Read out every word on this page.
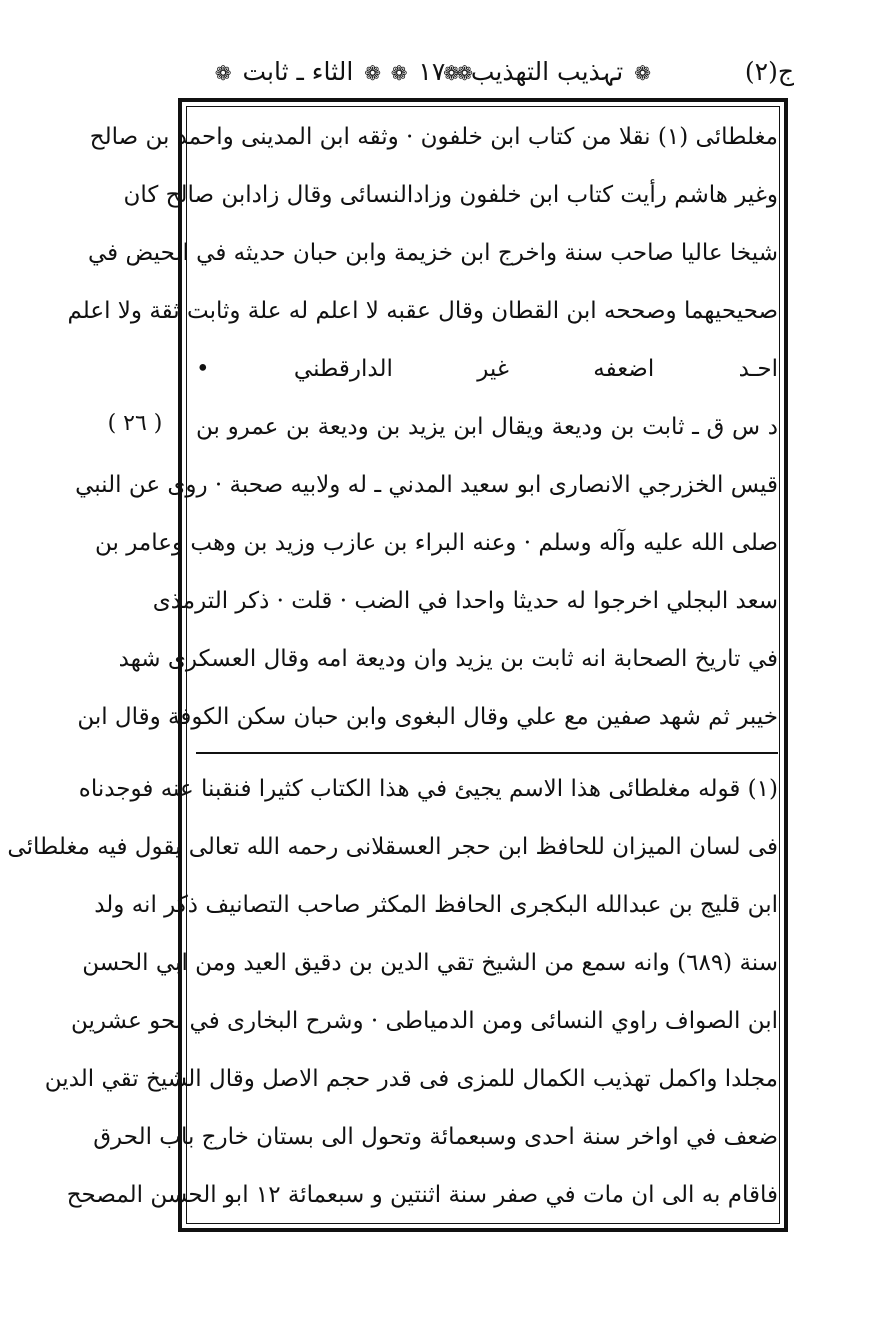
ج(٢)
❁ تہذیب التهذیب ❁
❁ ١٧ ❁
❁ الثاء ـ ثابت ❁
( ٢٦ )
مغلطائى (١) نقلا من كتاب ابن خلفون · وثقه ابن المدينى واحمد بن صالح
وغير هاشم رأيت كتاب ابن خلفون وزادالنسائى وقال زادابن صالح كان
شيخا عاليا صاحب سنة واخرج ابن خزيمة وابن حبان حديثه في الحيض في
صحيحيهما وصححه ابن القطان وقال عقبه لا اعلم له علة وثابت ثقة ولا اعلم
احـد اضعفه غير الدارقطني •
د س ق ـ ثابت بن وديعة ويقال ابن يزيد بن وديعة بن عمرو بن
قيس الخزرجي الانصارى ابو سعيد المدني ـ له ولابيه صحبة · روى عن النبي
صلى الله عليه وآله وسلم · وعنه البراء بن عازب وزيد بن وهب وعامر بن
سعد البجلي اخرجوا له حديثا واحدا في الضب · قلت · ذكر الترمذى
في تاريخ الصحابة انه ثابت بن يزيد وان وديعة امه وقال العسكرى شهد
خيبر ثم شهد صفين مع علي وقال البغوى وابن حبان سكن الكوفة وقال ابن
(١) قوله مغلطائى هذا الاسم يجيئ في هذا الكتاب كثيرا فنقبنا عنه فوجدناه
فى لسان الميزان للحافظ ابن حجر العسقلانى رحمه الله تعالى يقول فيه مغلطائى
ابن قليج بن عبدالله البكجرى الحافظ المكثر صاحب التصانيف ذكر انه ولد
سنة (٦٨٩) وانه سمع من الشيخ تقي الدين بن دقيق العيد ومن ابي الحسن
ابن الصواف راوي النسائى ومن الدمياطى · وشرح البخارى في نحو عشرين
مجلدا واكمل تهذيب الكمال للمزى فى قدر حجم الاصل وقال الشيخ تقي الدين
ضعف في اواخر سنة احدى وسبعمائة وتحول الى بستان خارج باب الحرق
فاقام به الى ان مات في صفر سنة اثنتين و سبعمائة ١٢ ابو الحسن المصحح
